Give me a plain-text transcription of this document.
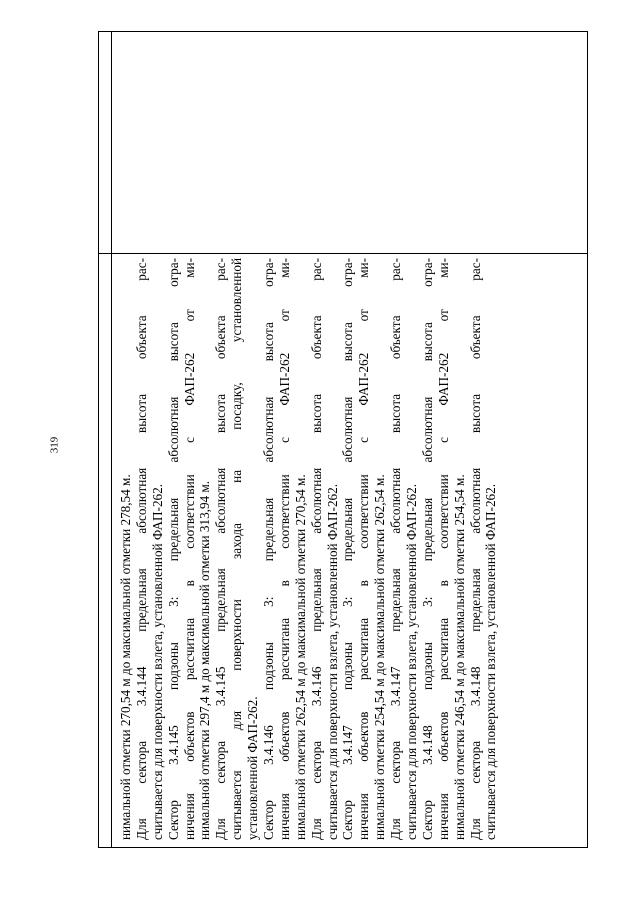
319
нимальной отметки 270,54 м до максимальной отметки 278,54 м. Для сектора 3.4.144 предельная абсолютная высота объекта рас- считывается для поверхности взлета, установленной ФАП-262. Сектор 3.4.145 подзоны 3: предельная абсолютная высота огра- ничения объектов рассчитана в соответствии с ФАП-262 от ми- нимальной отметки 297,4 м до максимальной отметки 313,94 м. Для сектора 3.4.145 предельная абсолютная высота объекта рас- считывается для поверхности захода на посадку, установленной установленной ФАП-262. Сектор 3.4.146 подзоны 3: предельная абсолютная высота огра- ничения объектов рассчитана в соответствии с ФАП-262 от ми- нимальной отметки 262,54 м до максимальной отметки 270,54 м. Для сектора 3.4.146 предельная абсолютная высота объекта рас- считывается для поверхности взлета, установленной ФАП-262. Сектор 3.4.147 подзоны 3: предельная абсолютная высота огра- ничения объектов рассчитана в соответствии с ФАП-262 от ми- нимальной отметки 254,54 м до максимальной отметки 262,54 м. Для сектора 3.4.147 предельная абсолютная высота объекта рас- считывается для поверхности взлета, установленной ФАП-262. Сектор 3.4.148 подзоны 3: предельная абсолютная высота огра- ничения объектов рассчитана в соответствии с ФАП-262 от ми- нимальной отметки 246,54 м до максимальной отметки 254,54 м. Для сектора 3.4.148 предельная абсолютная высота объекта рас- считывается для поверхности взлета, установленной ФАП-262.
